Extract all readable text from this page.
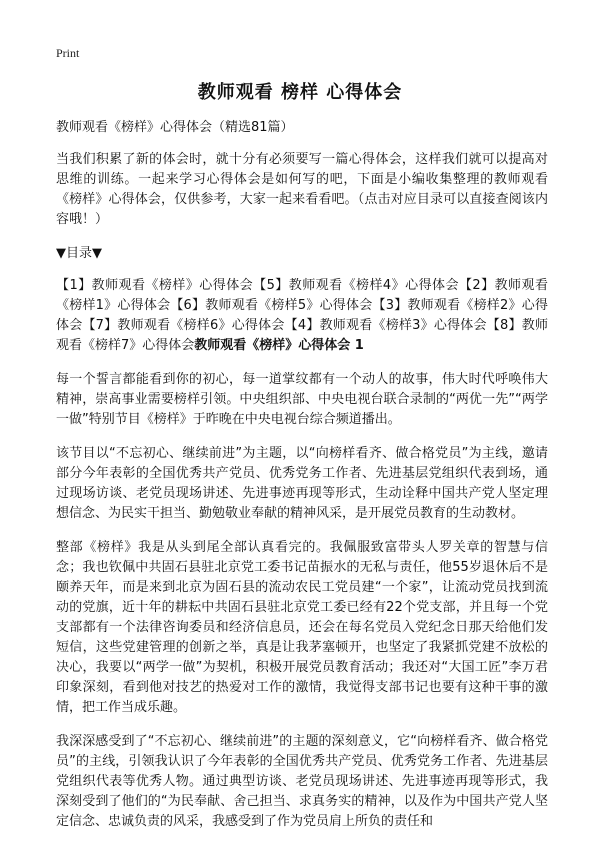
Print
教师观看 榜样 心得体会

教师观看《榜样》心得体会（精选81篇）

当我们积累了新的体会时，就十分有必须要写一篇心得体会，这样我们就可以提高对思维的训练。一起来学习心得体会是如何写的吧，下面是小编收集整理的教师观看《榜样》心得体会，仅供参考，大家一起来看看吧。（点击对应目录可以直接查阅该内容哦！）

▼目录▼

【1】教师观看《榜样》心得体会【5】教师观看《榜样4》心得体会【2】教师观看《榜样1》心得体会【6】教师观看《榜样5》心得体会【3】教师观看《榜样2》心得体会【7】教师观看《榜样6》心得体会【4】教师观看《榜样3》心得体会【8】教师观看《榜样7》心得体会教师观看《榜样》心得体会 1

每一个誓言都能看到你的初心，每一道掌纹都有一个动人的故事，伟大时代呼唤伟大精神，崇高事业需要榜样引领。中央组织部、中央电视台联合录制的“两优一先”“两学一做”特别节目《榜样》于昨晚在中央电视台综合频道播出。

该节目以“不忘初心、继续前进”为主题，以“向榜样看齐、做合格党员”为主线，邀请部分今年表彰的全国优秀共产党员、优秀党务工作者、先进基层党组织代表到场，通过现场访谈、老党员现场讲述、先进事迹再现等形式，生动诠释中国共产党人坚定理想信念、为民实干担当、勤勉敬业奉献的精神风采，是开展党员教育的生动教材。

整部《榜样》我是从头到尾全部认真看完的。我佩服致富带头人罗关章的智慧与信念；我也钦佩中共固石县驻北京党工委书记苗振水的无私与责任，他55岁退休后不是颐养天年，而是来到北京为固石县的流动农民工党员建“一个家”，让流动党员找到流动的党旗，近十年的耕耘中共固石县驻北京党工委已经有22个党支部，并且每一个党支部都有一个法律咨询委员和经济信息员，还会在每名党员入党纪念日那天给他们发短信，这些党建管理的创新之举，真是让我茅塞顿开，也坚定了我紧抓党建不放松的决心，我要以“两学一做”为契机，积极开展党员教育活动；我还对“大国工匠”李万君印象深刻，看到他对技艺的热爱对工作的激情，我觉得支部书记也要有这种干事的激情，把工作当成乐趣。

我深深感受到了“不忘初心、继续前进”的主题的深刻意义，它“向榜样看齐、做合格党员”的主线，引领我认识了今年表彰的全国优秀共产党员、优秀党务工作者、先进基层党组织代表等优秀人物。通过典型访谈、老党员现场讲述、先进事迹再现等形式，我深刻受到了他们的“为民奉献、舍己担当、求真务实的精神，以及作为中国共产党人坚定信念、忠诚负责的风采，我感受到了作为党员肩上所负的责任和
